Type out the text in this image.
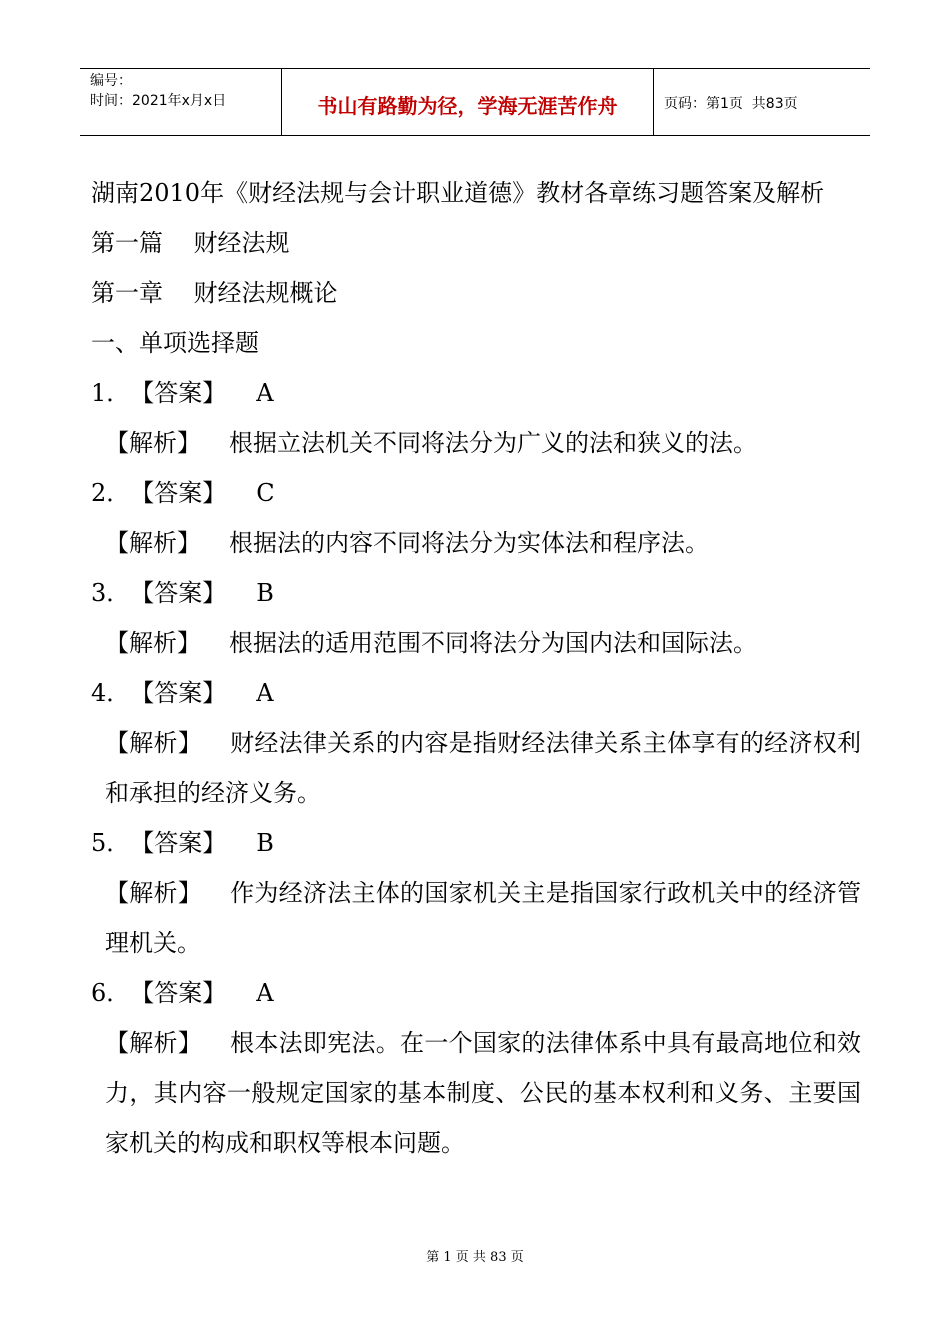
编号：
时间：2021年x月x日	书山有路勤为径，学海无涯苦作舟	页码：第1页  共83页
湖南2010年《财经法规与会计职业道德》教材各章练习题答案及解析
第一篇    财经法规
第一章    财经法规概论
一、单项选择题
1．【答案】 A
【解析】 根据立法机关不同将法分为广义的法和狭义的法。
2．【答案】 C
【解析】 根据法的内容不同将法分为实体法和程序法。
3．【答案】 B
【解析】 根据法的适用范围不同将法分为国内法和国际法。
4．【答案】 A
【解析】 财经法律关系的内容是指财经法律关系主体享有的经济权利和承担的经济义务。
5．【答案】 B
【解析】 作为经济法主体的国家机关主是指国家行政机关中的经济管理机关。
6．【答案】 A
【解析】 根本法即宪法。在一个国家的法律体系中具有最高地位和效力，其内容一般规定国家的基本制度、公民的基本权利和义务、主要国家机关的构成和职权等根本问题。
第 1 页 共 83 页
